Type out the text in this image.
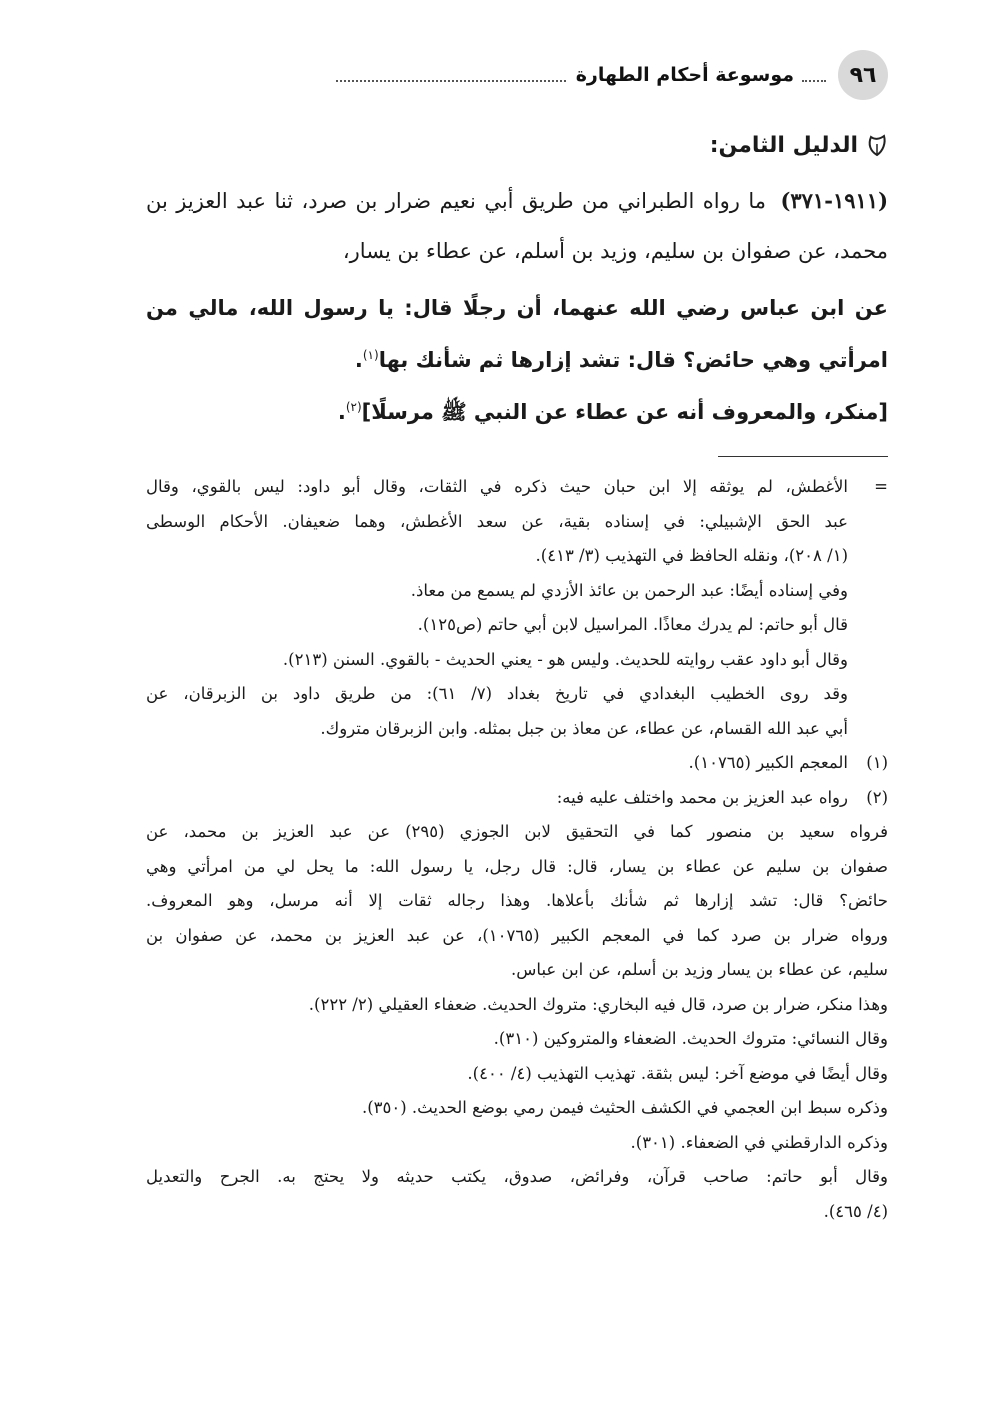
٩٦
موسوعة أحكام الطهارة
الدليل الثامن:
(١٩١١-٣٧١) ما رواه الطبراني من طريق أبي نعيم ضرار بن صرد، ثنا عبد العزيز بن محمد، عن صفوان بن سليم، وزيد بن أسلم، عن عطاء بن يسار،
عن ابن عباس رضي الله عنهما، أن رجلًا قال: يا رسول الله، مالي من امرأتي وهي حائض؟ قال: تشد إزارها ثم شأنك بها$^{(١)}$.
[منكر، والمعروف أنه عن عطاء عن النبي ﷺ مرسلًا]$^{(٢)}$.
=
الأغطش، لم يوثقه إلا ابن حبان حيث ذكره في الثقات، وقال أبو داود: ليس بالقوي، وقال
عبد الحق الإشبيلي: في إسناده بقية، عن سعد الأغطش، وهما ضعيفان. الأحكام الوسطى
(١/ ٢٠٨)، ونقله الحافظ في التهذيب (٣/ ٤١٣).
وفي إسناده أيضًا: عبد الرحمن بن عائذ الأزدي لم يسمع من معاذ.
قال أبو حاتم: لم يدرك معاذًا. المراسيل لابن أبي حاتم (ص١٢٥).
وقال أبو داود عقب روايته للحديث. وليس هو - يعني الحديث - بالقوي. السنن (٢١٣).
وقد روى الخطيب البغدادي في تاريخ بغداد (٧/ ٦١): من طريق داود بن الزبرقان، عن
أبي عبد الله القسام، عن عطاء، عن معاذ بن جبل بمثله. وابن الزبرقان متروك.
(١)
المعجم الكبير (١٠٧٦٥).
(٢)
رواه عبد العزيز بن محمد واختلف عليه فيه:
فرواه سعيد بن منصور كما في التحقيق لابن الجوزي (٢٩٥) عن عبد العزيز بن محمد، عن
صفوان بن سليم عن عطاء بن يسار، قال: قال رجل، يا رسول الله: ما يحل لي من امرأتي وهي
حائض؟ قال: تشد إزارها ثم شأنك بأعلاها. وهذا رجاله ثقات إلا أنه مرسل، وهو المعروف.
ورواه ضرار بن صرد كما في المعجم الكبير (١٠٧٦٥)، عن عبد العزيز بن محمد، عن صفوان بن
سليم، عن عطاء بن يسار وزيد بن أسلم، عن ابن عباس.
وهذا منكر، ضرار بن صرد، قال فيه البخاري: متروك الحديث. ضعفاء العقيلي (٢/ ٢٢٢).
وقال النسائي: متروك الحديث. الضعفاء والمتروكين (٣١٠).
وقال أيضًا في موضع آخر: ليس بثقة. تهذيب التهذيب (٤/ ٤٠٠).
وذكره سبط ابن العجمي في الكشف الحثيث فيمن رمي بوضع الحديث. (٣٥٠).
وذكره الدارقطني في الضعفاء. (٣٠١).
وقال أبو حاتم: صاحب قرآن، وفرائض، صدوق، يكتب حديثه ولا يحتج به. الجرح والتعديل
(٤/ ٤٦٥).
